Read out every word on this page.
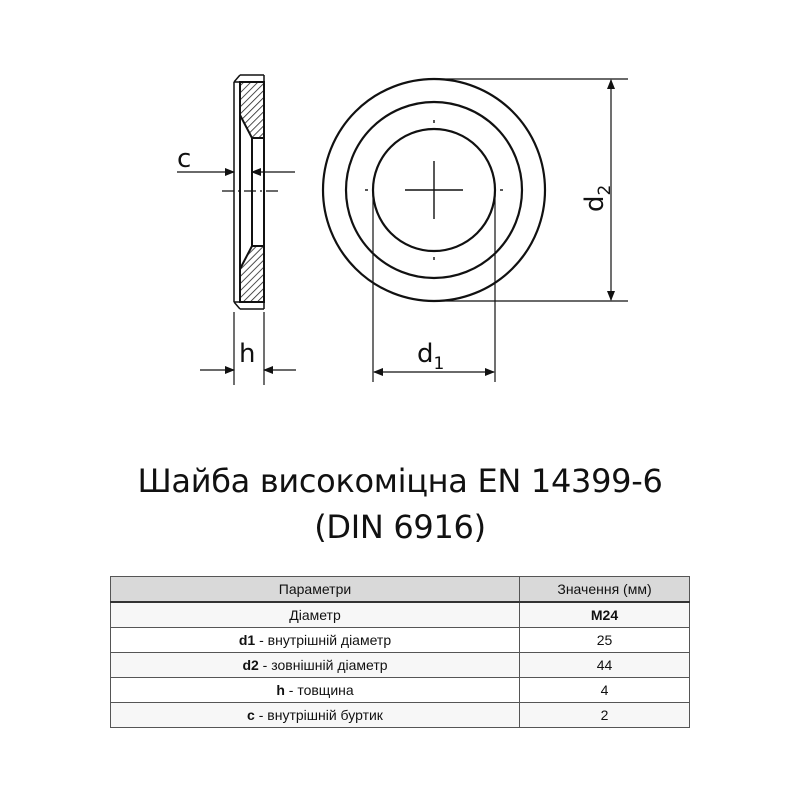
c
h
$d_2$
$d_1$
Шайба високоміцна EN 14399-6
(DIN 6916)
Параметри	Значення (мм)
Діаметр	M24
d1 - внутрішній діаметр	25
d2 - зовнішній діаметр	44
h - товщина	4
c - внутрішній буртик	2
